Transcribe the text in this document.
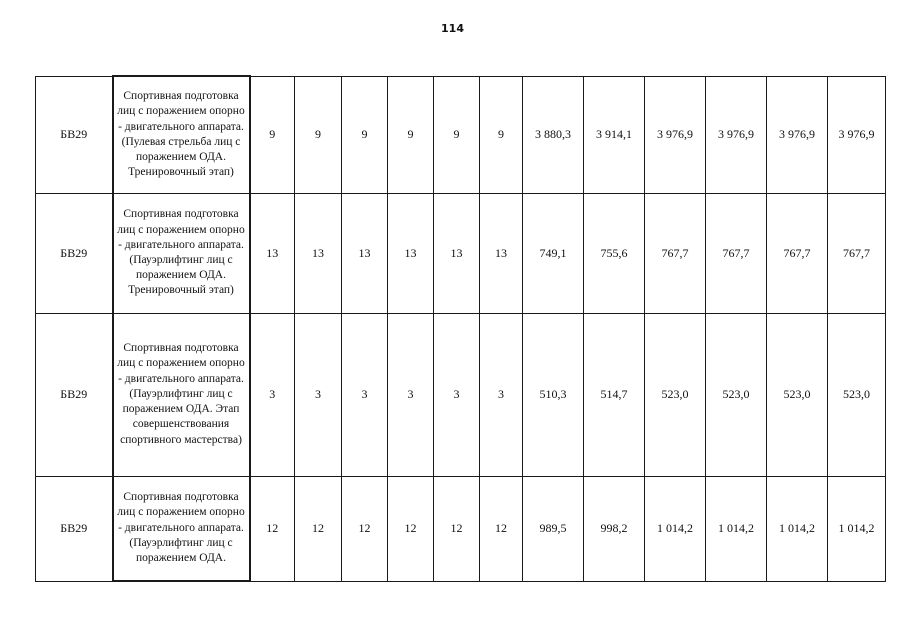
114
БВ29	Спортивная подготовка лиц с поражением опорно - двигательного аппарата. (Пулевая стрельба лиц с поражением ОДА. Тренировочный этап)	9	9	9	9	9	9	3 880,3	3 914,1	3 976,9	3 976,9	3 976,9	3 976,9
БВ29	Спортивная подготовка лиц с поражением опорно - двигательного аппарата. (Пауэрлифтинг лиц с поражением ОДА. Тренировочный этап)	13	13	13	13	13	13	749,1	755,6	767,7	767,7	767,7	767,7
БВ29	Спортивная подготовка лиц с поражением опорно - двигательного аппарата. (Пауэрлифтинг лиц с поражением ОДА. Этап совершенствования спортивного мастерства)	3	3	3	3	3	3	510,3	514,7	523,0	523,0	523,0	523,0
БВ29	Спортивная подготовка лиц с поражением опорно - двигательного аппарата. (Пауэрлифтинг лиц с поражением ОДА.	12	12	12	12	12	12	989,5	998,2	1 014,2	1 014,2	1 014,2	1 014,2
